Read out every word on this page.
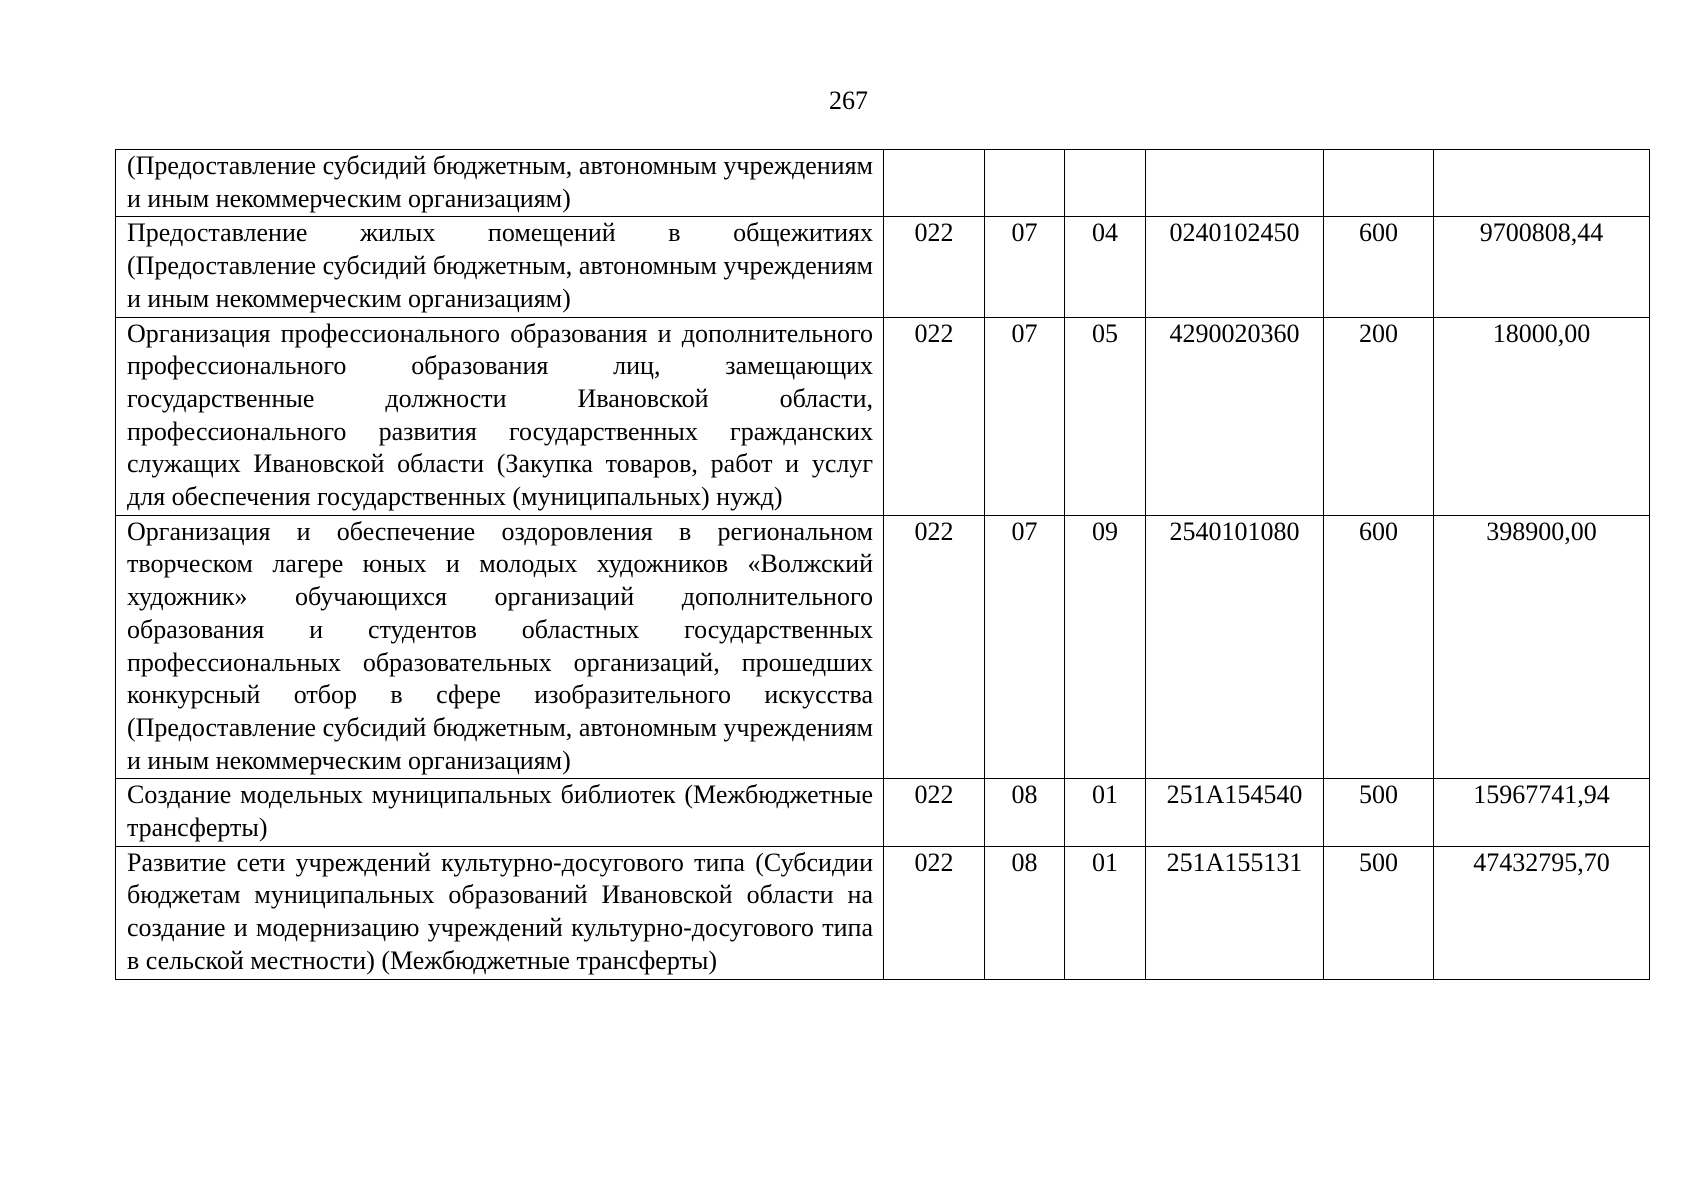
267
(Предоставление субсидий бюджетным, автономным учреждениям и иным некоммерческим организациям)						
Предоставление жилых помещений в общежитиях (Предоставление субсидий бюджетным, автономным учреждениям и иным некоммерческим организациям)	022	07	04	0240102450	600	9700808,44
Организация профессионального образования и дополнительного профессионального образования лиц, замещающих государственные должности Ивановской области, профессионального развития государственных гражданских служащих Ивановской области (Закупка товаров, работ и услуг для обеспечения государственных (муниципальных) нужд)	022	07	05	4290020360	200	18000,00
Организация и обеспечение оздоровления в региональном творческом лагере юных и молодых художников «Волжский художник» обучающихся организаций дополнительного образования и студентов областных государственных профессиональных образовательных организаций, прошедших конкурсный отбор в сфере изобразительного искусства (Предоставление субсидий бюджетным, автономным учреждениям и иным некоммерческим организациям)	022	07	09	2540101080	600	398900,00
Создание модельных муниципальных библиотек (Межбюджетные трансферты)	022	08	01	251A154540	500	15967741,94
Развитие сети учреждений культурно-досугового типа (Субсидии бюджетам муниципальных образований Ивановской области на создание и модернизацию учреждений культурно-досугового типа в сельской местности) (Межбюджетные трансферты)	022	08	01	251A155131	500	47432795,70
